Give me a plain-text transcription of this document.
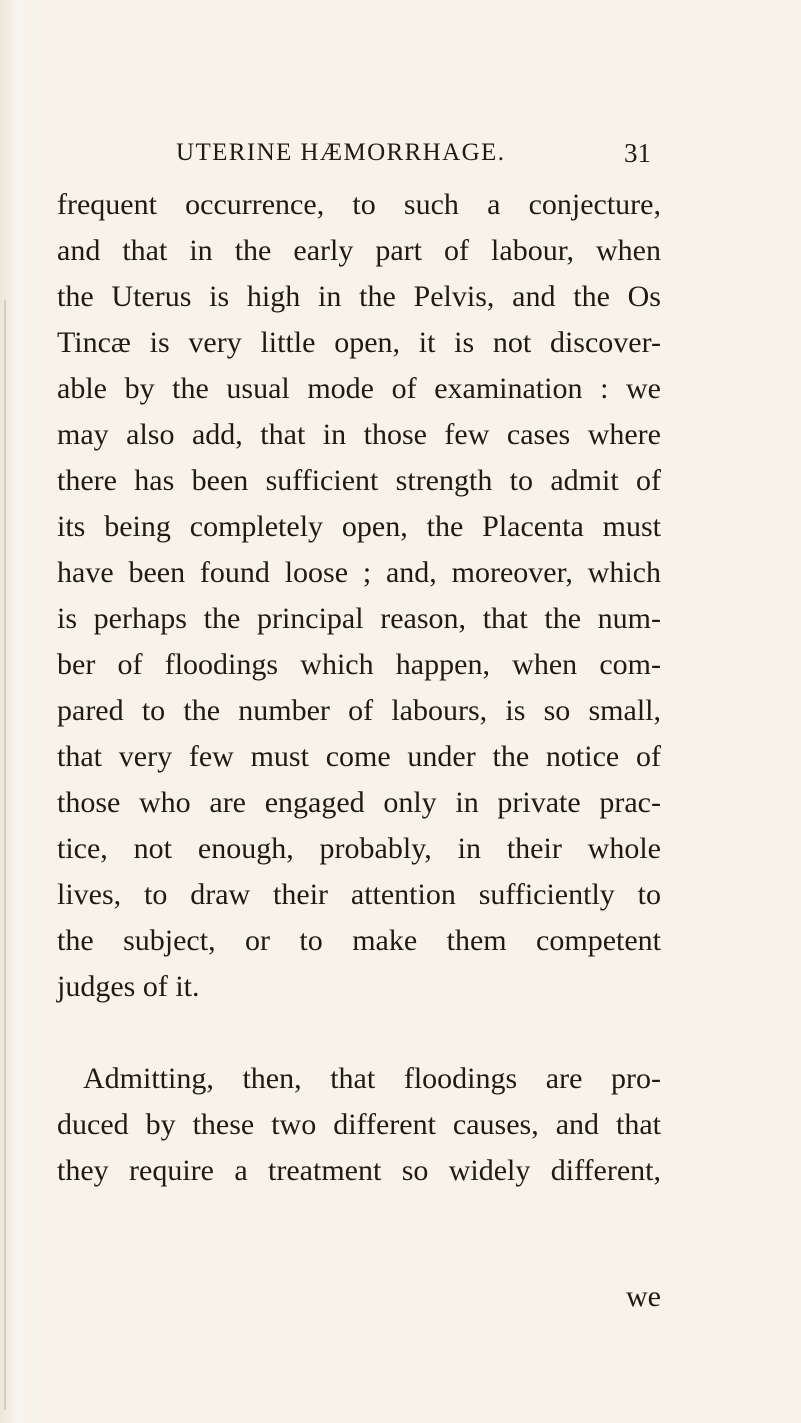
UTERINE HÆMORRHAGE.	31
frequent occurrence, to such a conjecture,
and that in the early part of labour, when
the Uterus is high in the Pelvis, and the Os
Tincæ is very little open, it is not discover-
able by the usual mode of examination : we
may also add, that in those few cases where
there has been sufficient strength to admit of
its being completely open, the Placenta must
have been found loose ; and, moreover, which
is perhaps the principal reason, that the num-
ber of floodings which happen, when com-
pared to the number of labours, is so small,
that very few must come under the notice of
those who are engaged only in private prac-
tice, not enough, probably, in their whole
lives, to draw their attention sufficiently to
the subject, or to make them competent
judges of it.
Admitting, then, that floodings are pro-
duced by these two different causes, and that
they require a treatment so widely different,
we
